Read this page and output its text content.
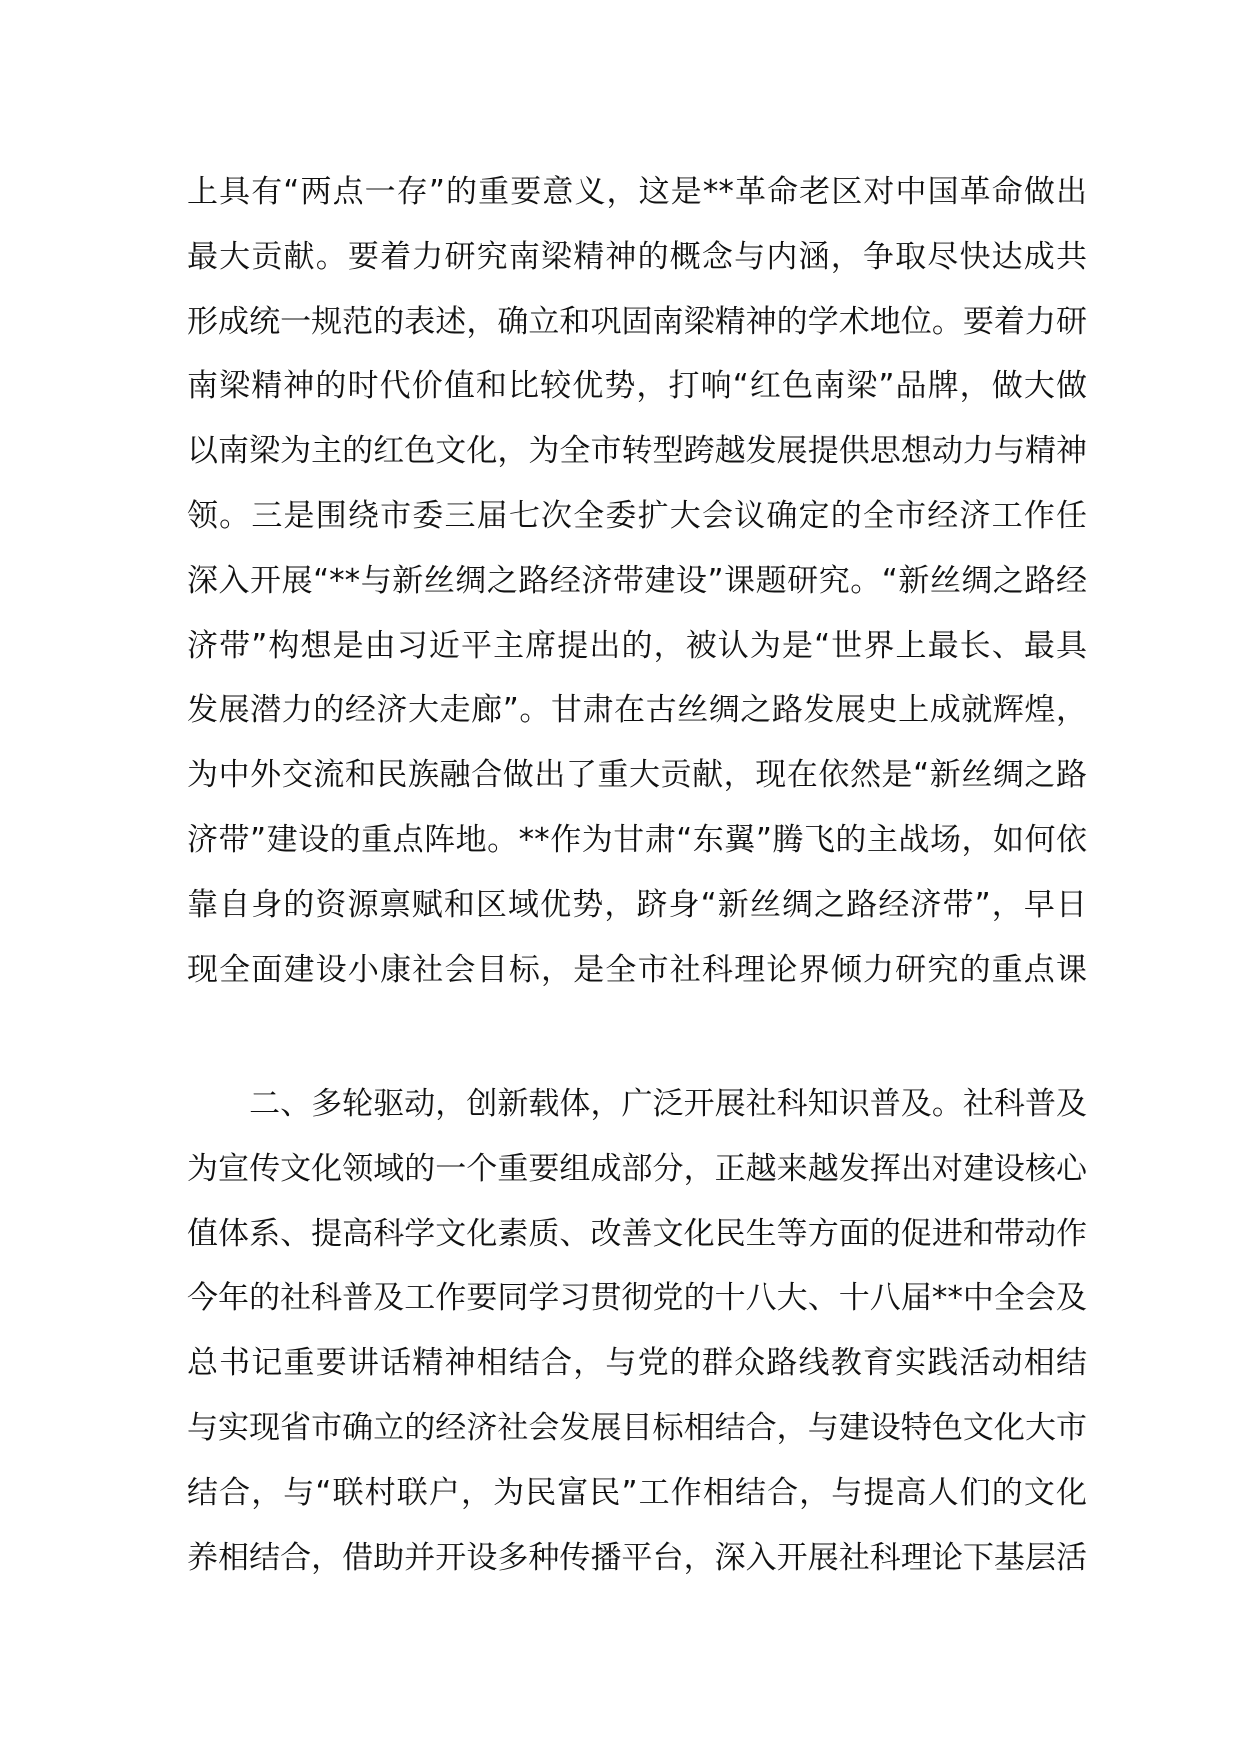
上具有“两点一存”的重要意义，这是**革命老区对中国革命做出
最大贡献。要着力研究南梁精神的概念与内涵，争取尽快达成共
形成统一规范的表述，确立和巩固南梁精神的学术地位。要着力研
南梁精神的时代价值和比较优势，打响“红色南梁”品牌，做大做
以南梁为主的红色文化，为全市转型跨越发展提供思想动力与精神
领。三是围绕市委三届七次全委扩大会议确定的全市经济工作任
深入开展“**与新丝绸之路经济带建设”课题研究。“新丝绸之路经
济带”构想是由习近平主席提出的，被认为是“世界上最长、最具
发展潜力的经济大走廊”。甘肃在古丝绸之路发展史上成就辉煌，
为中外交流和民族融合做出了重大贡献，现在依然是“新丝绸之路
济带”建设的重点阵地。**作为甘肃“东翼”腾飞的主战场，如何依
靠自身的资源禀赋和区域优势，跻身“新丝绸之路经济带”，早日
现全面建设小康社会目标，是全市社科理论界倾力研究的重点课
　　二、多轮驱动，创新载体，广泛开展社科知识普及。社科普及
为宣传文化领域的一个重要组成部分，正越来越发挥出对建设核心
值体系、提高科学文化素质、改善文化民生等方面的促进和带动作
今年的社科普及工作要同学习贯彻党的十八大、十八届**中全会及
总书记重要讲话精神相结合，与党的群众路线教育实践活动相结
与实现省市确立的经济社会发展目标相结合，与建设特色文化大市
结合，与“联村联户，为民富民”工作相结合，与提高人们的文化
养相结合，借助并开设多种传播平台，深入开展社科理论下基层活
